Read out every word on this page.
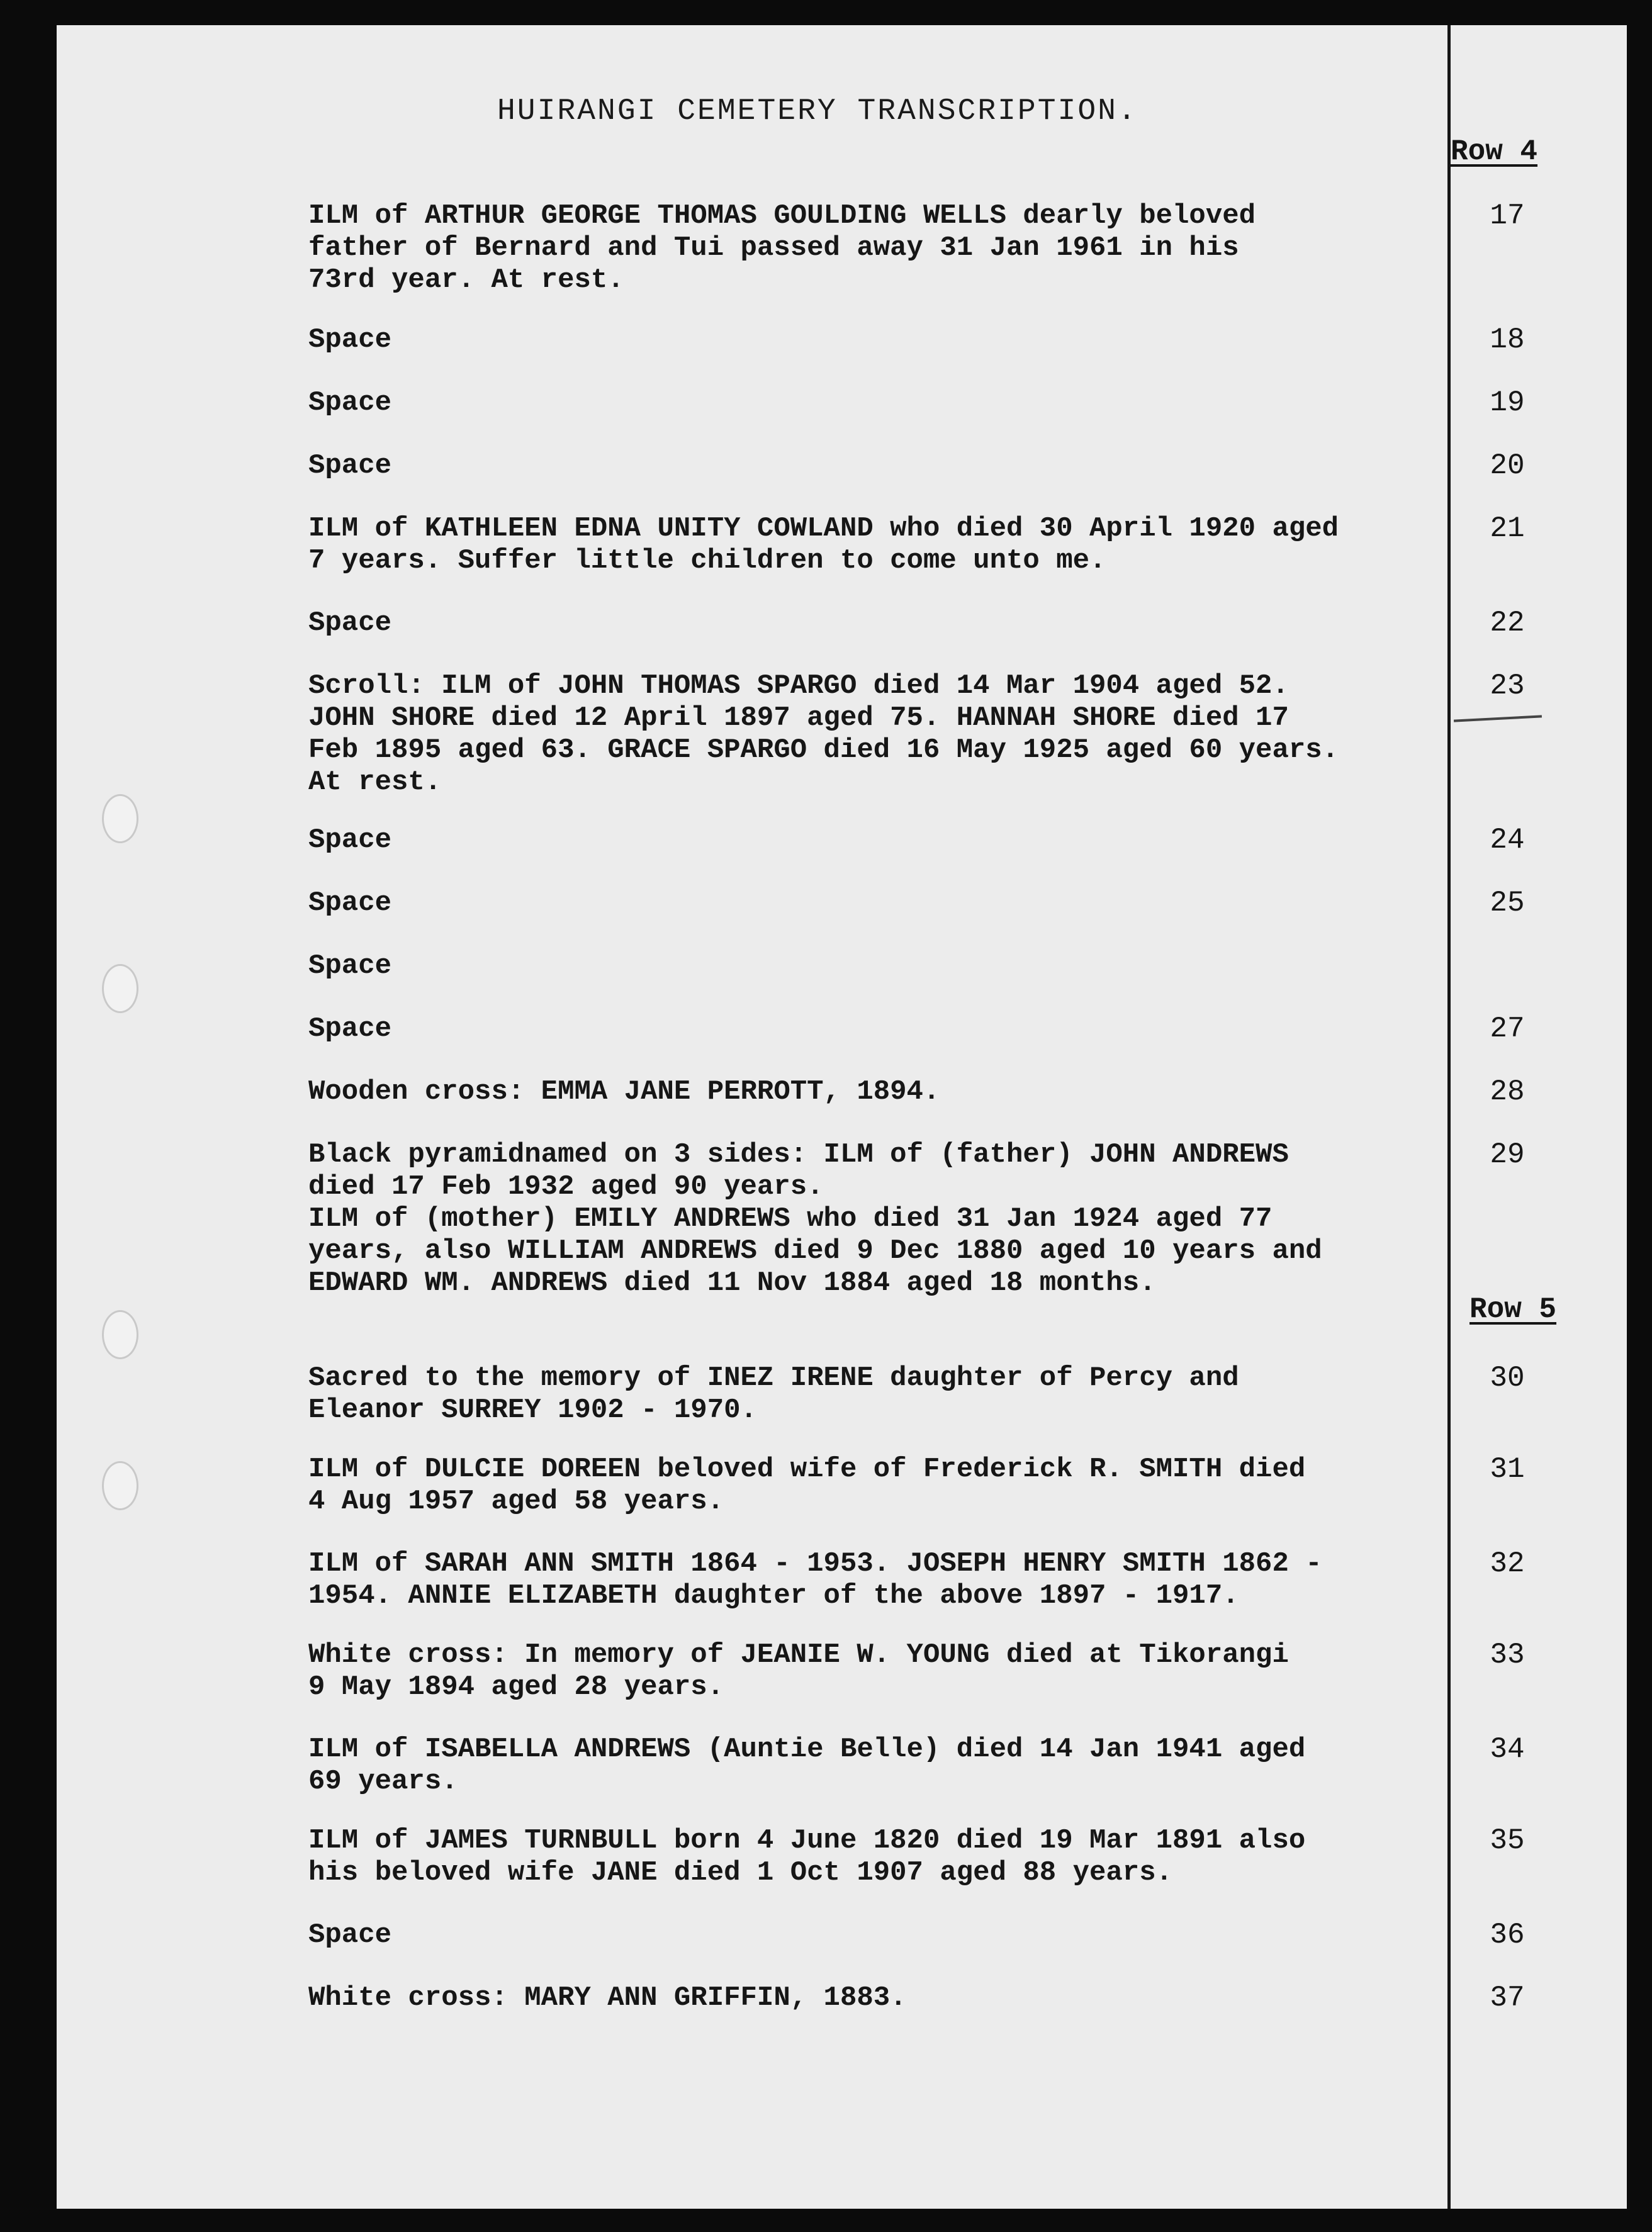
HUIRANGI CEMETERY TRANSCRIPTION.
Row 4
Row 5
ILM of ARTHUR GEORGE THOMAS GOULDING WELLS dearly beloved
father of Bernard and Tui passed away 31 Jan 1961 in his
73rd year. At rest.
17
Space	18
Space	19
Space	20
ILM of KATHLEEN EDNA UNITY COWLAND who died 30 April 1920 aged
7 years. Suffer little children to come unto me.
21
Space	22
Scroll: ILM of JOHN THOMAS SPARGO died 14 Mar 1904 aged 52.
JOHN SHORE died 12 April 1897 aged 75. HANNAH SHORE died 17
Feb 1895 aged 63. GRACE SPARGO died 16 May 1925 aged 60 years.
At rest.
23
Space	24
Space	25
Space
Space	27
Wooden cross: EMMA JANE PERROTT, 1894.	28
Black pyramidnamed on 3 sides: ILM of (father) JOHN ANDREWS
died 17 Feb 1932 aged 90 years.
ILM of (mother) EMILY ANDREWS who died 31 Jan 1924 aged 77
years, also WILLIAM ANDREWS died 9 Dec 1880 aged 10 years and
EDWARD WM. ANDREWS died 11 Nov 1884 aged 18 months.
29
Sacred to the memory of INEZ IRENE daughter of Percy and
Eleanor SURREY 1902 - 1970.
30
ILM of DULCIE DOREEN beloved wife of Frederick R. SMITH died
4 Aug 1957 aged 58 years.
31
ILM of SARAH ANN SMITH 1864 - 1953. JOSEPH HENRY SMITH 1862 -
1954. ANNIE ELIZABETH daughter of the above 1897 - 1917.
32
White cross: In memory of JEANIE W. YOUNG died at Tikorangi
9 May 1894 aged 28 years.
33
ILM of ISABELLA ANDREWS (Auntie Belle) died 14 Jan 1941 aged
69 years.
34
ILM of JAMES TURNBULL born 4 June 1820 died 19 Mar 1891 also
his beloved wife JANE died 1 Oct 1907 aged 88 years.
35
Space	36
White cross: MARY ANN GRIFFIN, 1883.	37
